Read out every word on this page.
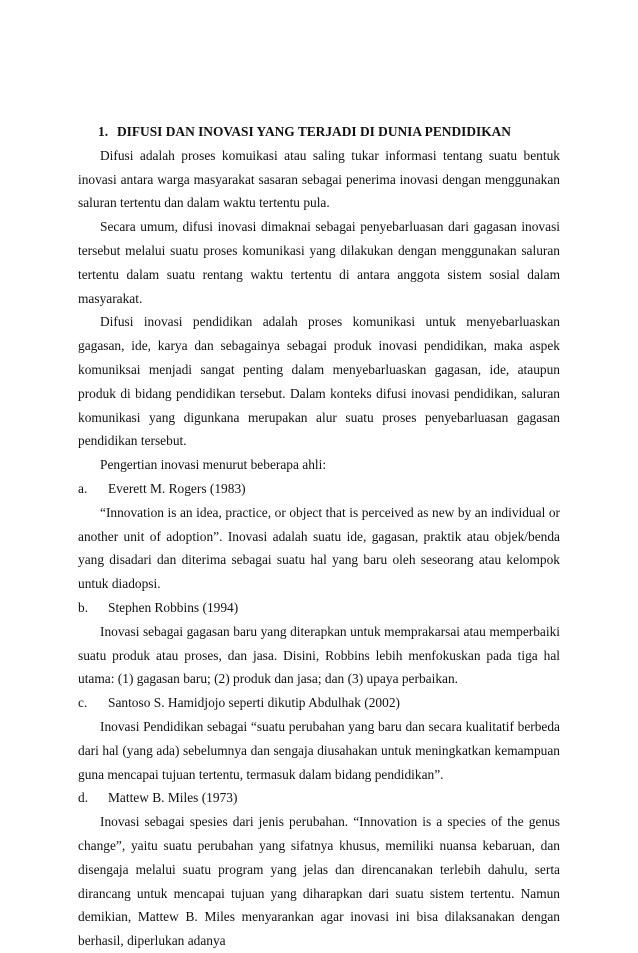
1. DIFUSI DAN INOVASI YANG TERJADI DI DUNIA PENDIDIKAN

Difusi adalah proses komuikasi atau saling tukar informasi tentang suatu bentuk inovasi antara warga masyarakat sasaran sebagai penerima inovasi dengan menggunakan saluran tertentu dan dalam waktu tertentu pula.

Secara umum, difusi inovasi dimaknai sebagai penyebarluasan dari gagasan inovasi tersebut melalui suatu proses komunikasi yang dilakukan dengan menggunakan saluran tertentu dalam suatu rentang waktu tertentu di antara anggota sistem sosial dalam masyarakat.

Difusi inovasi pendidikan adalah proses komunikasi untuk menyebarluaskan gagasan, ide, karya dan sebagainya sebagai produk inovasi pendidikan, maka aspek komuniksai menjadi sangat penting dalam menyebarluaskan gagasan, ide, ataupun produk di bidang pendidikan tersebut. Dalam konteks difusi inovasi pendidikan, saluran komunikasi yang digunkana merupakan alur suatu proses penyebarluasan gagasan pendidikan tersebut.

Pengertian inovasi menurut beberapa ahli:

a. Everett M. Rogers (1983)

“Innovation is an idea, practice, or object that is perceived as new by an individual or another unit of adoption”. Inovasi adalah suatu ide, gagasan, praktik atau objek/benda yang disadari dan diterima sebagai suatu hal yang baru oleh seseorang atau kelompok untuk diadopsi.

b. Stephen Robbins (1994)

Inovasi sebagai gagasan baru yang diterapkan untuk memprakarsai atau memperbaiki suatu produk atau proses, dan jasa. Disini, Robbins lebih menfokuskan pada tiga hal utama: (1) gagasan baru; (2) produk dan jasa; dan (3) upaya perbaikan.

c. Santoso S. Hamidjojo seperti dikutip Abdulhak (2002)

Inovasi Pendidikan sebagai “suatu perubahan yang baru dan secara kualitatif berbeda dari hal (yang ada) sebelumnya dan sengaja diusahakan untuk meningkatkan kemampuan guna mencapai tujuan tertentu, termasuk dalam bidang pendidikan”.

d. Mattew B. Miles (1973)

Inovasi sebagai spesies dari jenis perubahan. “Innovation is a species of the genus change”, yaitu suatu perubahan yang sifatnya khusus, memiliki nuansa kebaruan, dan disengaja melalui suatu program yang jelas dan direncanakan terlebih dahulu, serta dirancang untuk mencapai tujuan yang diharapkan dari suatu sistem tertentu. Namun demikian, Mattew B. Miles menyarankan agar inovasi ini bisa dilaksanakan dengan berhasil, diperlukan adanya
